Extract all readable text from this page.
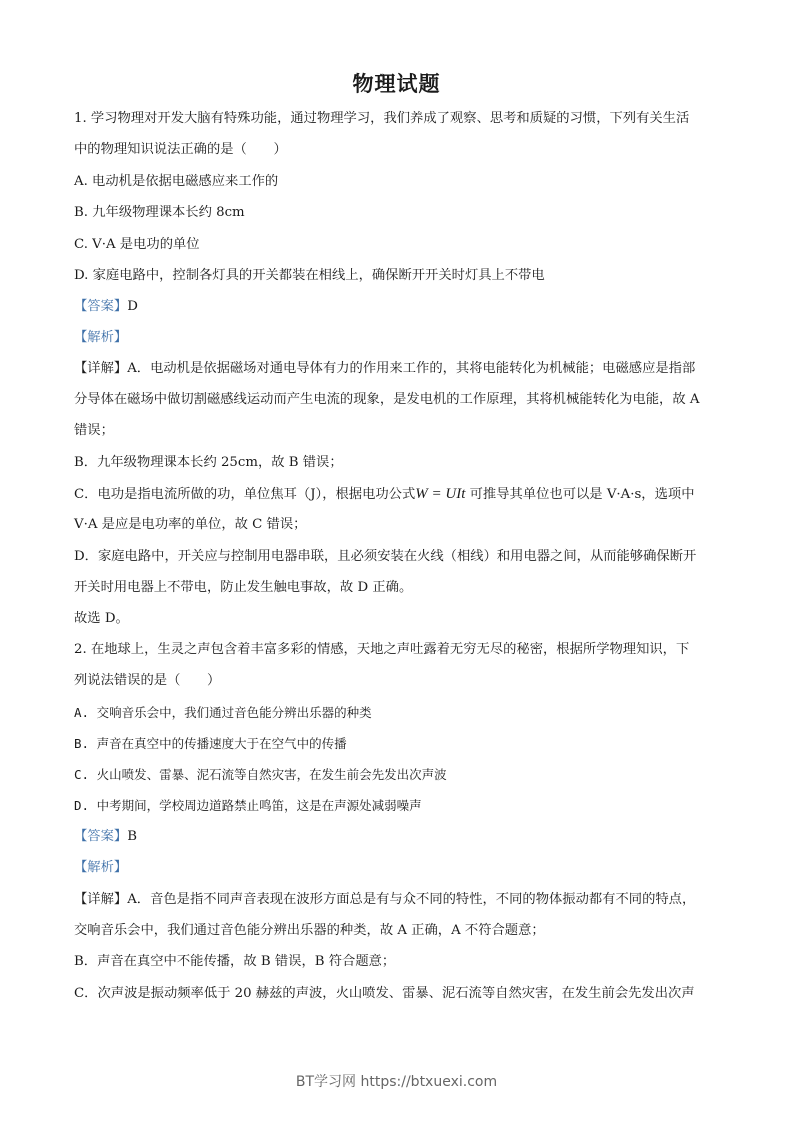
物理试题
1. 学习物理对开发大脑有特殊功能，通过物理学习，我们养成了观察、思考和质疑的习惯，下列有关生活
中的物理知识说法正确的是（　　）
A. 电动机是依据电磁感应来工作的
B. 九年级物理课本长约 8cm
C. V·A 是电功的单位
D. 家庭电路中，控制各灯具的开关都装在相线上，确保断开开关时灯具上不带电
【答案】D
【解析】
【详解】A．电动机是依据磁场对通电导体有力的作用来工作的，其将电能转化为机械能；电磁感应是指部
分导体在磁场中做切割磁感线运动而产生电流的现象，是发电机的工作原理，其将机械能转化为电能，故 A
错误；
B．九年级物理课本长约 25cm，故 B 错误；
C．电功是指电流所做的功，单位焦耳（J），根据电功公式W = UIt 可推导其单位也可以是 V·A·s，选项中
V·A 是应是电功率的单位，故 C 错误；
D．家庭电路中，开关应与控制用电器串联，且必须安装在火线（相线）和用电器之间，从而能够确保断开
开关时用电器上不带电，防止发生触电事故，故 D 正确。
故选 D。
2. 在地球上，生灵之声包含着丰富多彩的情感，天地之声吐露着无穷无尽的秘密，根据所学物理知识，下
列说法错误的是（　　）
A. 交响音乐会中，我们通过音色能分辨出乐器的种类
B. 声音在真空中的传播速度大于在空气中的传播
C. 火山喷发、雷暴、泥石流等自然灾害，在发生前会先发出次声波
D. 中考期间，学校周边道路禁止鸣笛，这是在声源处减弱噪声
【答案】B
【解析】
【详解】A．音色是指不同声音表现在波形方面总是有与众不同的特性，不同的物体振动都有不同的特点，
交响音乐会中，我们通过音色能分辨出乐器的种类，故 A 正确，A 不符合题意；
B．声音在真空中不能传播，故 B 错误，B 符合题意；
C．次声波是振动频率低于 20 赫兹的声波，火山喷发、雷暴、泥石流等自然灾害，在发生前会先发出次声
BT学习网 https://btxuexi.com
